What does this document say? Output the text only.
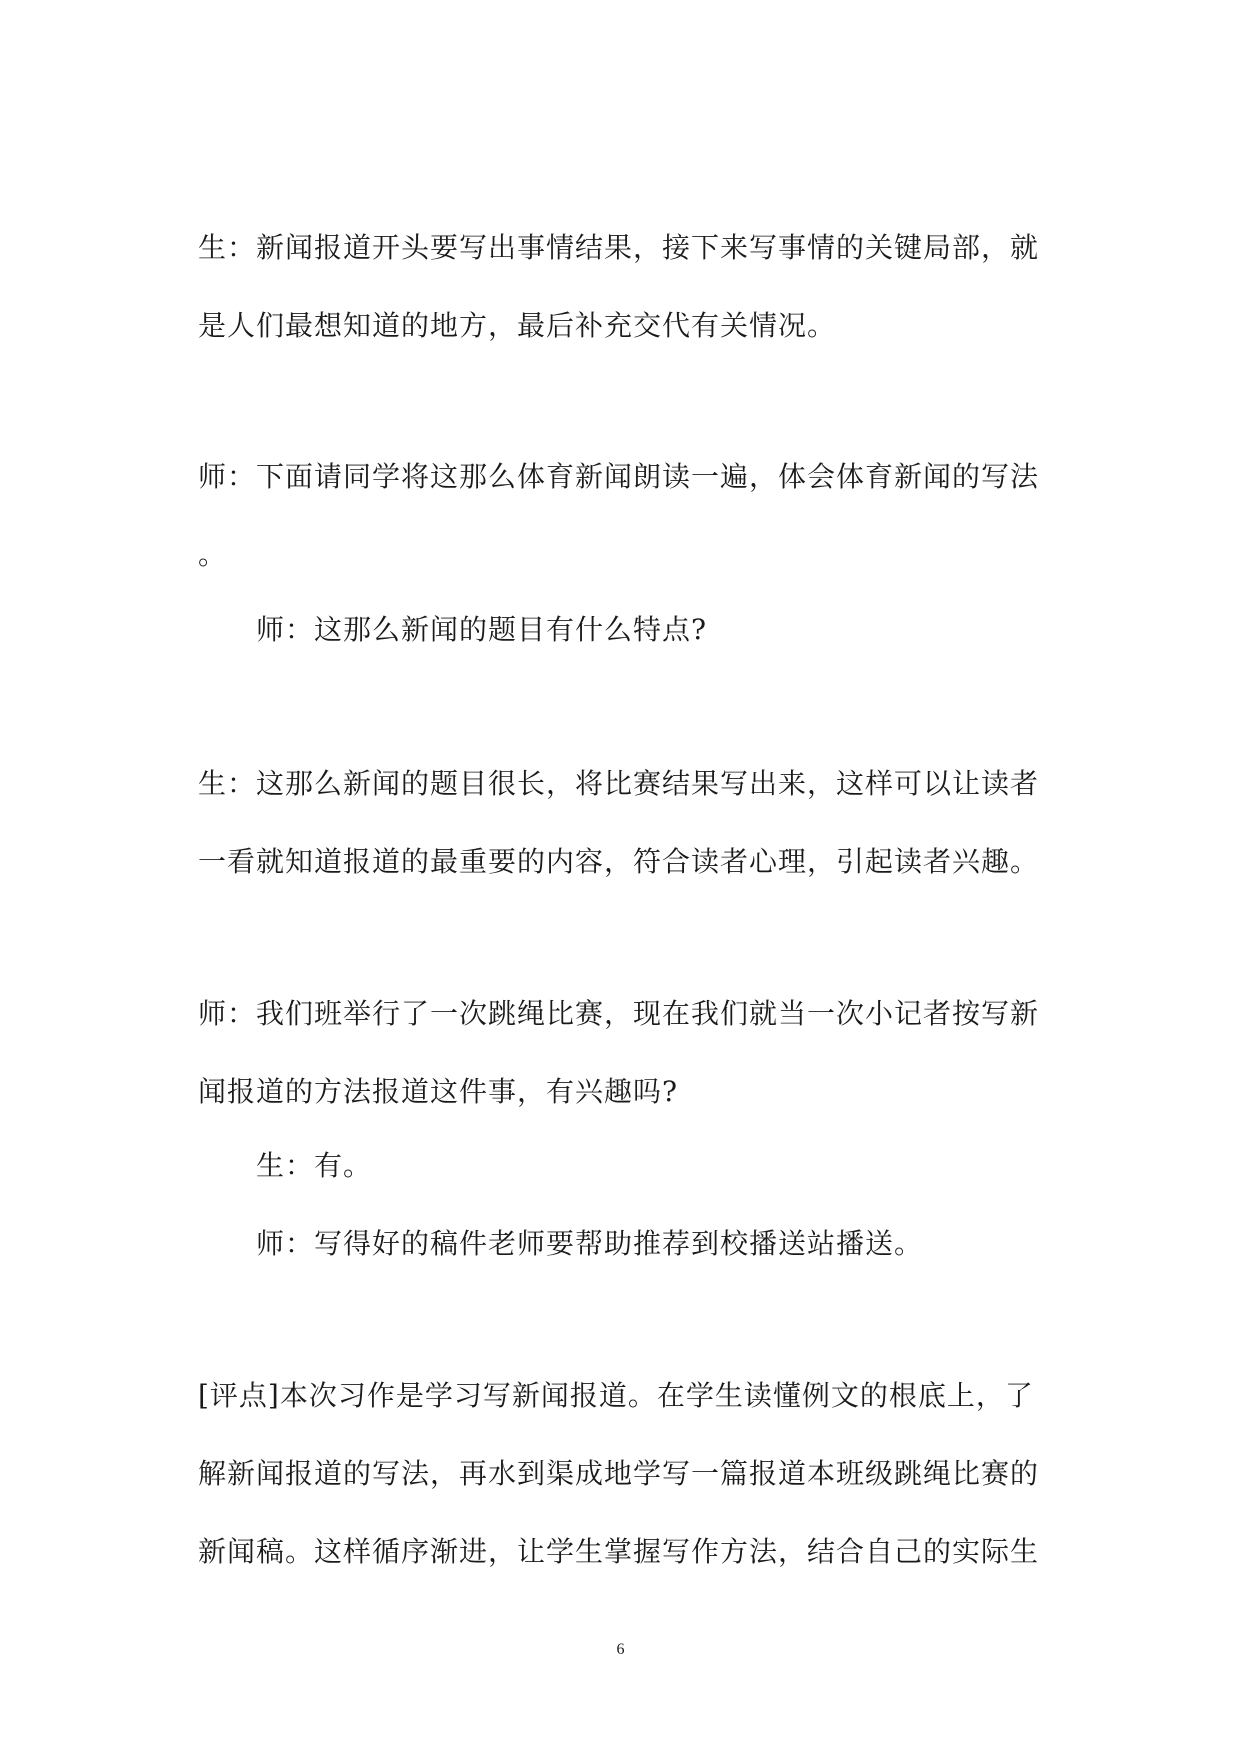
生：新闻报道开头要写出事情结果，接下来写事情的关键局部，就
是人们最想知道的地方，最后补充交代有关情况。
师：下面请同学将这那么体育新闻朗读一遍，体会体育新闻的写法
。
师：这那么新闻的题目有什么特点?
生：这那么新闻的题目很长，将比赛结果写出来，这样可以让读者
一看就知道报道的最重要的内容，符合读者心理，引起读者兴趣。
师：我们班举行了一次跳绳比赛，现在我们就当一次小记者按写新
闻报道的方法报道这件事，有兴趣吗?
生：有。
师：写得好的稿件老师要帮助推荐到校播送站播送。
[评点]本次习作是学习写新闻报道。在学生读懂例文的根底上，了
解新闻报道的写法，再水到渠成地学写一篇报道本班级跳绳比赛的
新闻稿。这样循序渐进，让学生掌握写作方法，结合自己的实际生
6
